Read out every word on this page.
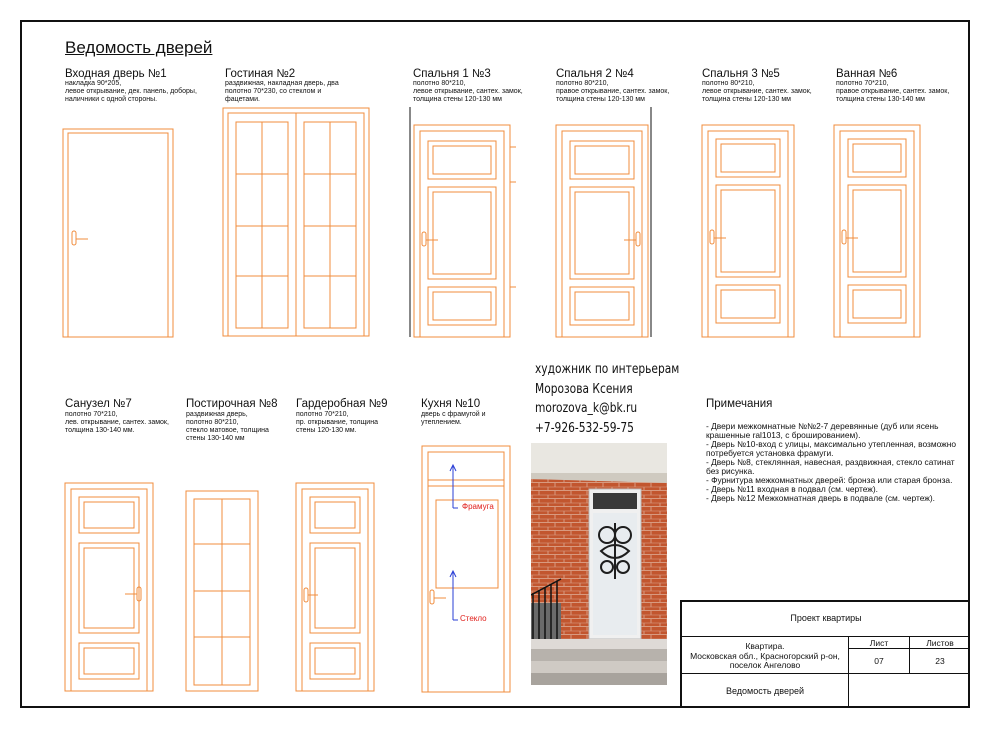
Ведомость дверей
Входная дверь №1
накладка 90*205,
левое открывание, дек. панель, доборы,
наличники с одной стороны.
Гостиная №2
раздвижная, накладная дверь, два
полотно 70*230, со стеклом и
фацетами.
Спальня 1 №3
полотно 80*210,
левое открывание, сантех. замок,
толщина стены 120-130 мм
Спальня 2 №4
полотно 80*210,
правое открывание, сантех. замок,
толщина стены 120-130 мм
Спальня 3 №5
полотно 80*210,
левое открывание, сантех. замок,
толщина стены 120-130 мм
Ванная №6
полотно 70*210,
правое открывание, сантех. замок,
толщина стены 130-140 мм
Санузел №7
полотно 70*210,
лев. открывание, сантех. замок,
толщина 130-140 мм.
Постирочная №8
раздвижная дверь,
полотно 80*210,
стекло матовое, толщина
стены 130-140 мм
Гардеробная №9
полотно 70*210,
пр. открывание, толщина
стены 120-130 мм.
Кухня №10
дверь с фрамугой и
утеплением.
Фрамуга
Стекло
художник по интерьерам
Морозова Ксения
morozova_k@bk.ru
+7-926-532-59-75
Примечания
- Двери межкомнатные №№2-7 деревянные (дуб или ясень крашенные ral1013, с брошированием).
- Дверь №10-вход с улицы, максимально утепленная, возможно потребуется установка фрамуги.
- Дверь №8, стеклянная, навесная, раздвижная, стекло сатинат без рисунка.
- Фурнитура межкомнатных дверей: бронза или старая бронза.
- Дверь №11 входная в подвал (см. чертеж).
- Дверь №12 Межкомнатная дверь в подвале (см. чертеж).
Проект квартиры
Квартира.
Московская обл., Красногорский р-он,
поселок Ангелово
Лист	Листов
07	23
Ведомость дверей
